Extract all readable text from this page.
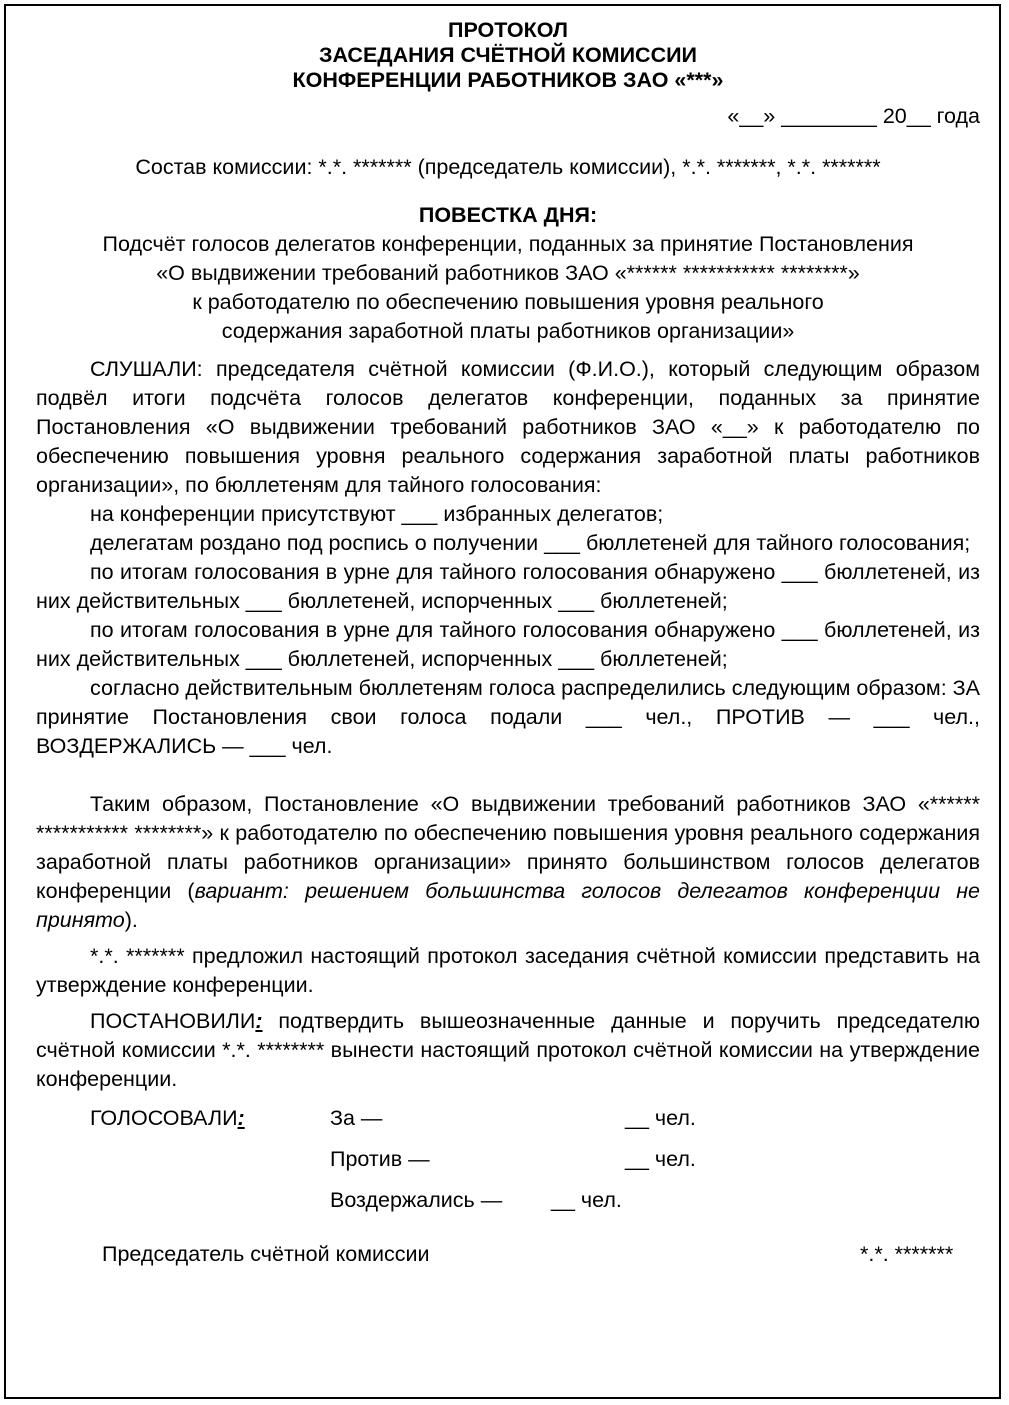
ПРОТОКОЛ

ЗАСЕДАНИЯ СЧЁТНОЙ КОМИССИИ

КОНФЕРЕНЦИИ РАБОТНИКОВ ЗАО «***»

«__» ________ 20__ года

Состав комиссии: *.*. ******* (председатель комиссии), *.*. *******, *.*. *******

ПОВЕСТКА ДНЯ:

Подсчёт голосов делегатов конференции, поданных за принятие Постановления

«О выдвижении требований работников ЗАО «****** *********** ********»

к работодателю по обеспечению повышения уровня реального

содержания заработной платы работников организации»

СЛУШАЛИ: председателя счётной комиссии (Ф.И.О.), который следующим образом подвёл итоги подсчёта голосов делегатов конференции, поданных за принятие Постановления «О выдвижении требований работников ЗАО «__» к работодателю по обеспечению повышения уровня реального содержания заработной платы работников организации», по бюллетеням для тайного голосования:

на конференции присутствуют ___ избранных делегатов;

делегатам роздано под роспись о получении ___ бюллетеней для тайного голосования;

по итогам голосования в урне для тайного голосования обнаружено ___ бюллетеней, из них действительных ___ бюллетеней, испорченных ___ бюллетеней;

по итогам голосования в урне для тайного голосования обнаружено ___ бюллетеней, из них действительных ___ бюллетеней, испорченных ___ бюллетеней;

согласно действительным бюллетеням голоса распределились следующим образом: ЗА принятие Постановления свои голоса подали ___ чел., ПРОТИВ — ___ чел., ВОЗДЕРЖАЛИСЬ — ___ чел.

Таким образом, Постановление «О выдвижении требований работников ЗАО «****** *********** ********» к работодателю по обеспечению повышения уровня реального содержания заработной платы работников организации» принято большинством голосов делегатов конференции (вариант: решением большинства голосов делегатов конференции не принято).

*.*. ******* предложил настоящий протокол заседания счётной комиссии представить на утверждение конференции.

ПОСТАНОВИЛИ: подтвердить вышеозначенные данные и поручить председателю счётной комиссии *.*. ******** вынести настоящий протокол счётной комиссии на утверждение конференции.

ГОЛОСОВАЛИ:	За —	__ чел.
Против —	__ чел.
Воздержались — __ чел.
Председатель счётной комиссии	*.*. *******
